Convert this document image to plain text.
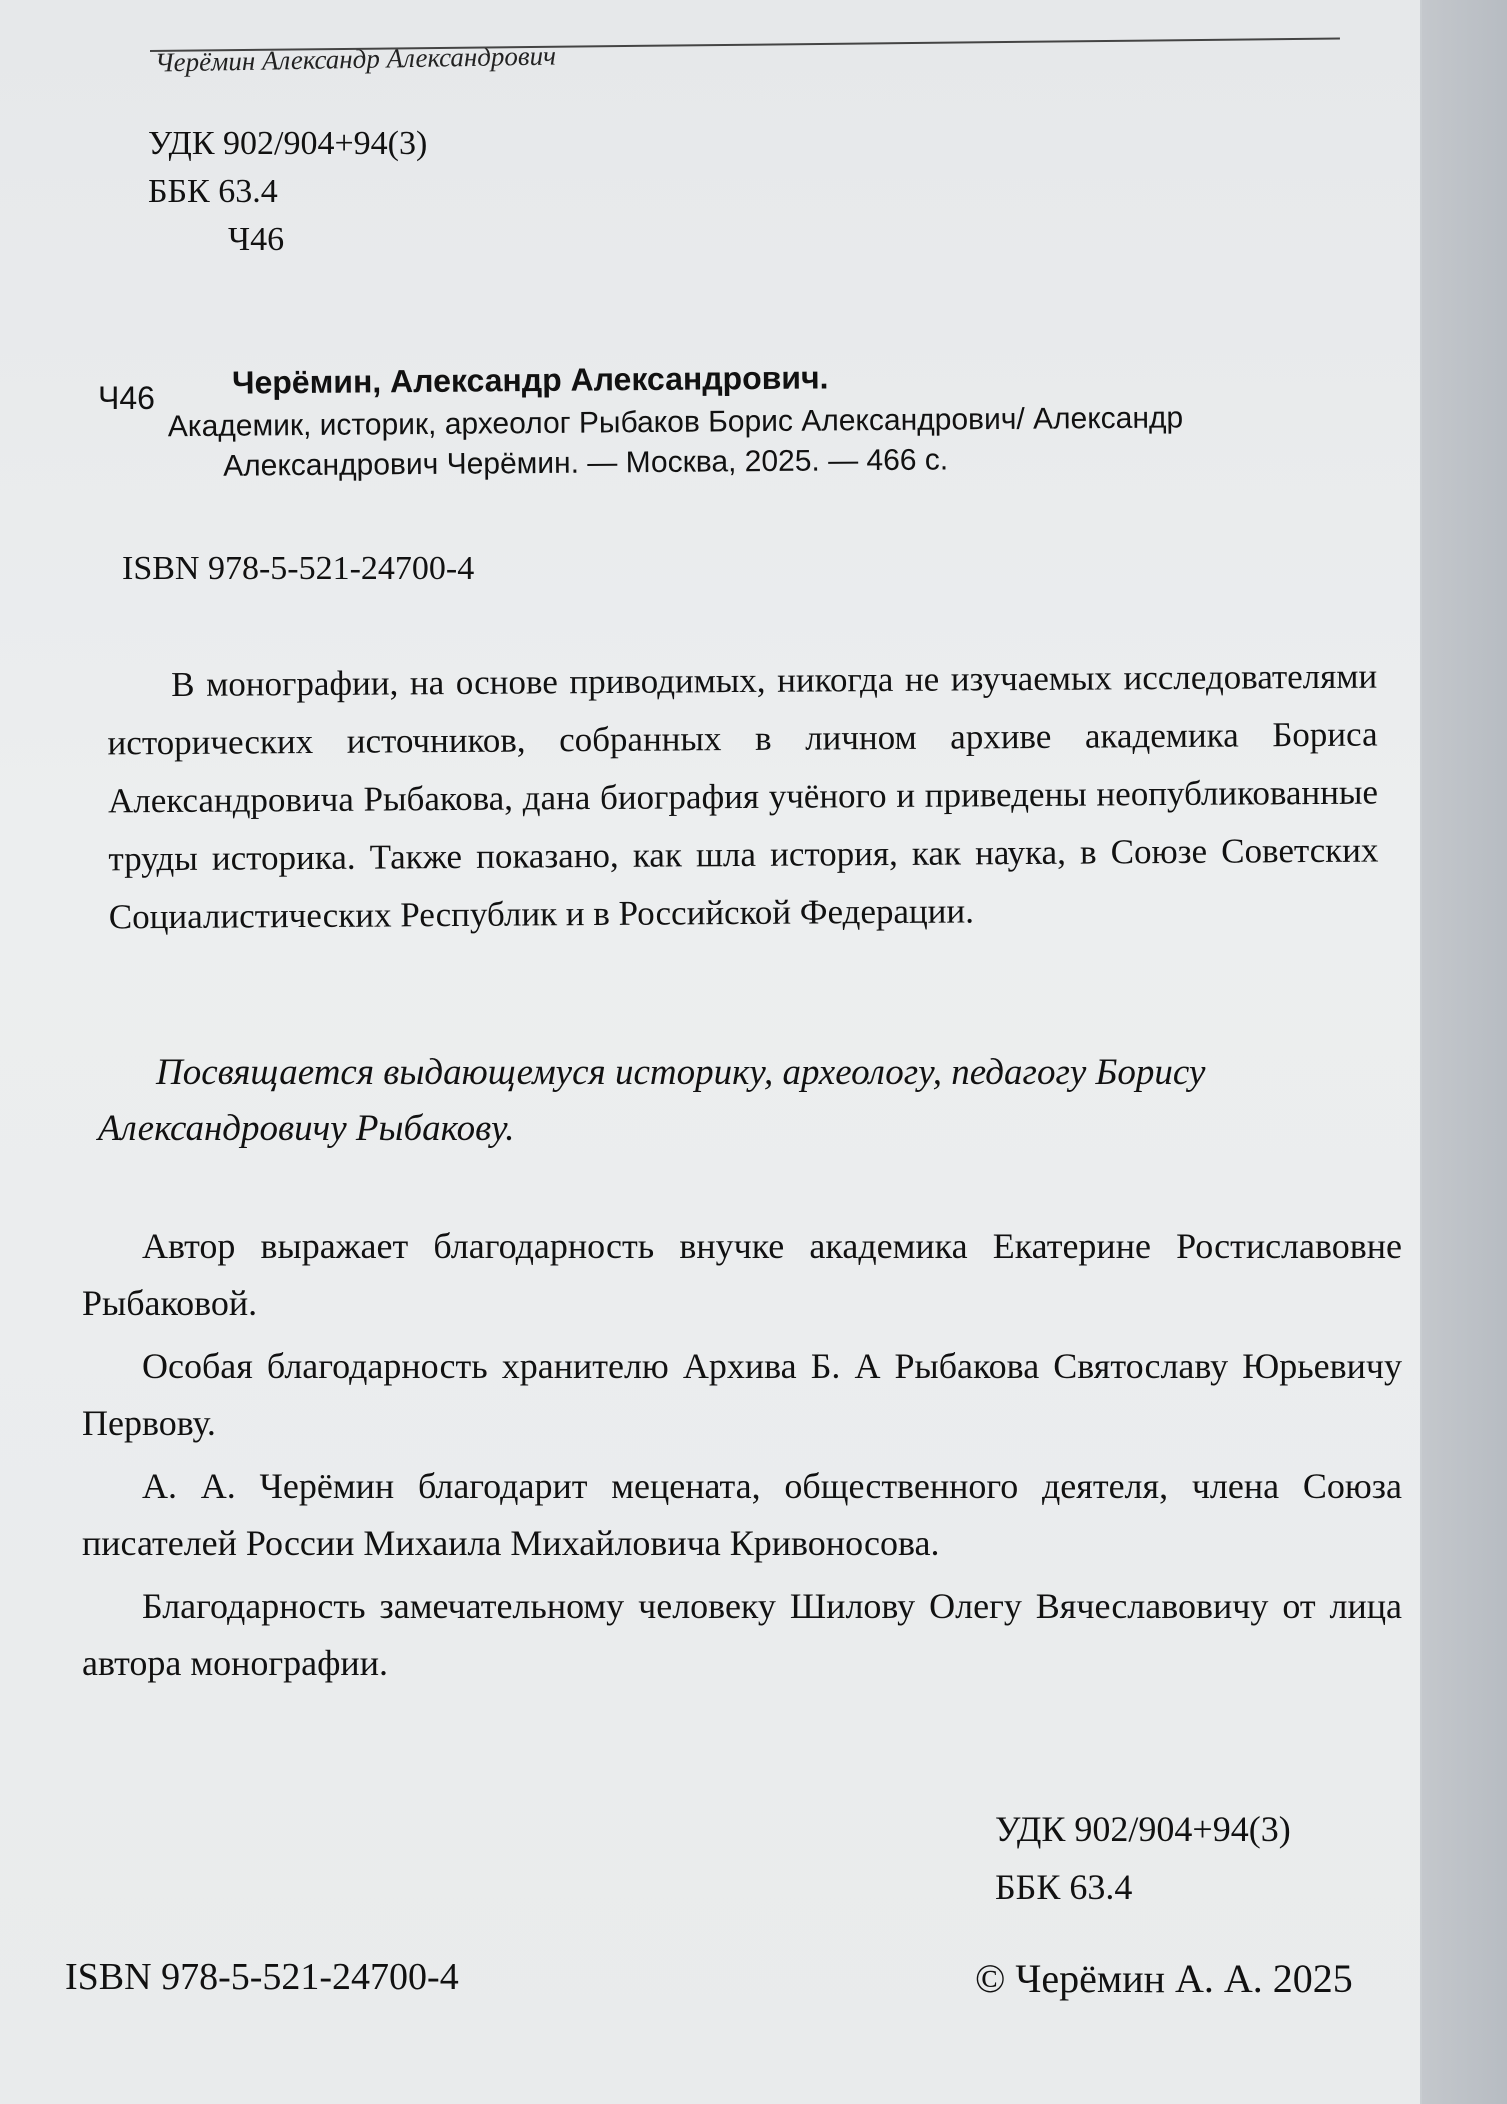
Черёмин Александр Александрович
УДК 902/904+94(3)
ББК 63.4
Ч46
Ч46 Черёмин, Александр Александрович.
Академик, историк, археолог Рыбаков Борис Александрович/ Александр
Александрович Черёмин. — Москва, 2025. — 466 с.
ISBN 978-5-521-24700-4
В монографии, на основе приводимых, никогда не изучаемых исследователями исторических источников, собранных в личном архиве академика Бориса Александровича Рыбакова, дана биография учёного и приведены неопубликованные труды историка. Также показано, как шла история, как наука, в Союзе Советских Социалистических Республик и в Российской Федерации.
Посвящается выдающемуся историку, археологу, педагогу Борису Александровичу Рыбакову.

Автор выражает благодарность внучке академика Екатерине Ростиславовне Рыбаковой.

Особая благодарность хранителю Архива Б. А Рыбакова Святославу Юрьевичу Первову.

А. А. Черёмин благодарит мецената, общественного деятеля, члена Союза писателей России Михаила Михайловича Кривоносова.

Благодарность замечательному человеку Шилову Олегу Вячеславовичу от лица автора монографии.

УДК 902/904+94(3)
ББК 63.4
ISBN 978-5-521-24700-4	© Черёмин А. А. 2025
